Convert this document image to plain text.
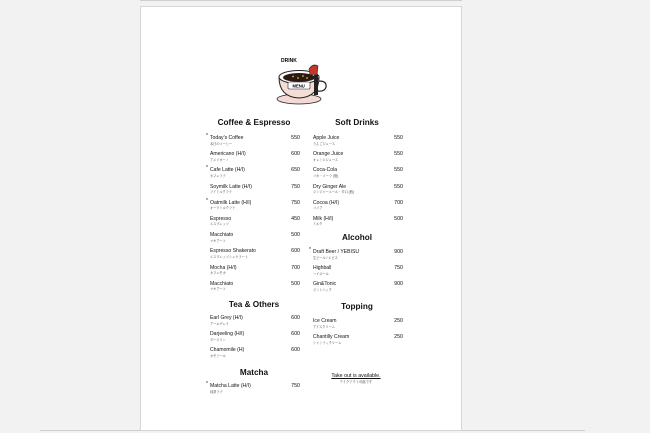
DRINK
MENU
Coffee & Espresso
* Today's Coffee
本日のコーヒー
550
Americano (H/I)
アメリカーノ
600
* Cafe Latte (H/I)
カフェラテ
650
Soymilk Latte (H/I)
ソイミルクラテ
750
* Oatmilk Latte (H/I)
オーツミルクラテ
750
Espresso
エスプレッソ
450
Macchiato
マキアート
500
Espresso Shakerato
エスプレッソシェケラート
600
Mocha (H/I)
カフェモカ
700
Macchiato
マキアート
500
Tea & Others
Earl Grey (H/I)
アールグレイ
600
Darjeeling (H/I)
ダージリン
600
Chamomile (H)
カモミール
600
Matcha
* Matcha Latte (H/I)
抹茶ラテ
750
Soft Drinks
Apple Juice
りんごジュース
550
Orange Juice
オレンジジュース
550
Coca-Cola
コカ・コーラ (瓶)
550
Dry Ginger Ale
ジンジャーエール・辛口 (瓶)
550
Cocoa (H/I)
ココア
700
Milk (H/I)
ミルク
500
Alcohol
* Draft Beer / YEBISU
生ビール / エビス
900
Highball
ハイボール
750
Gin&Tonic
ジントニック
900
Topping
Ice Cream
アイスクリーム
250
Chantilly Cream
シャンティクリーム
250
Take out is available.
テイクアウト可能です
